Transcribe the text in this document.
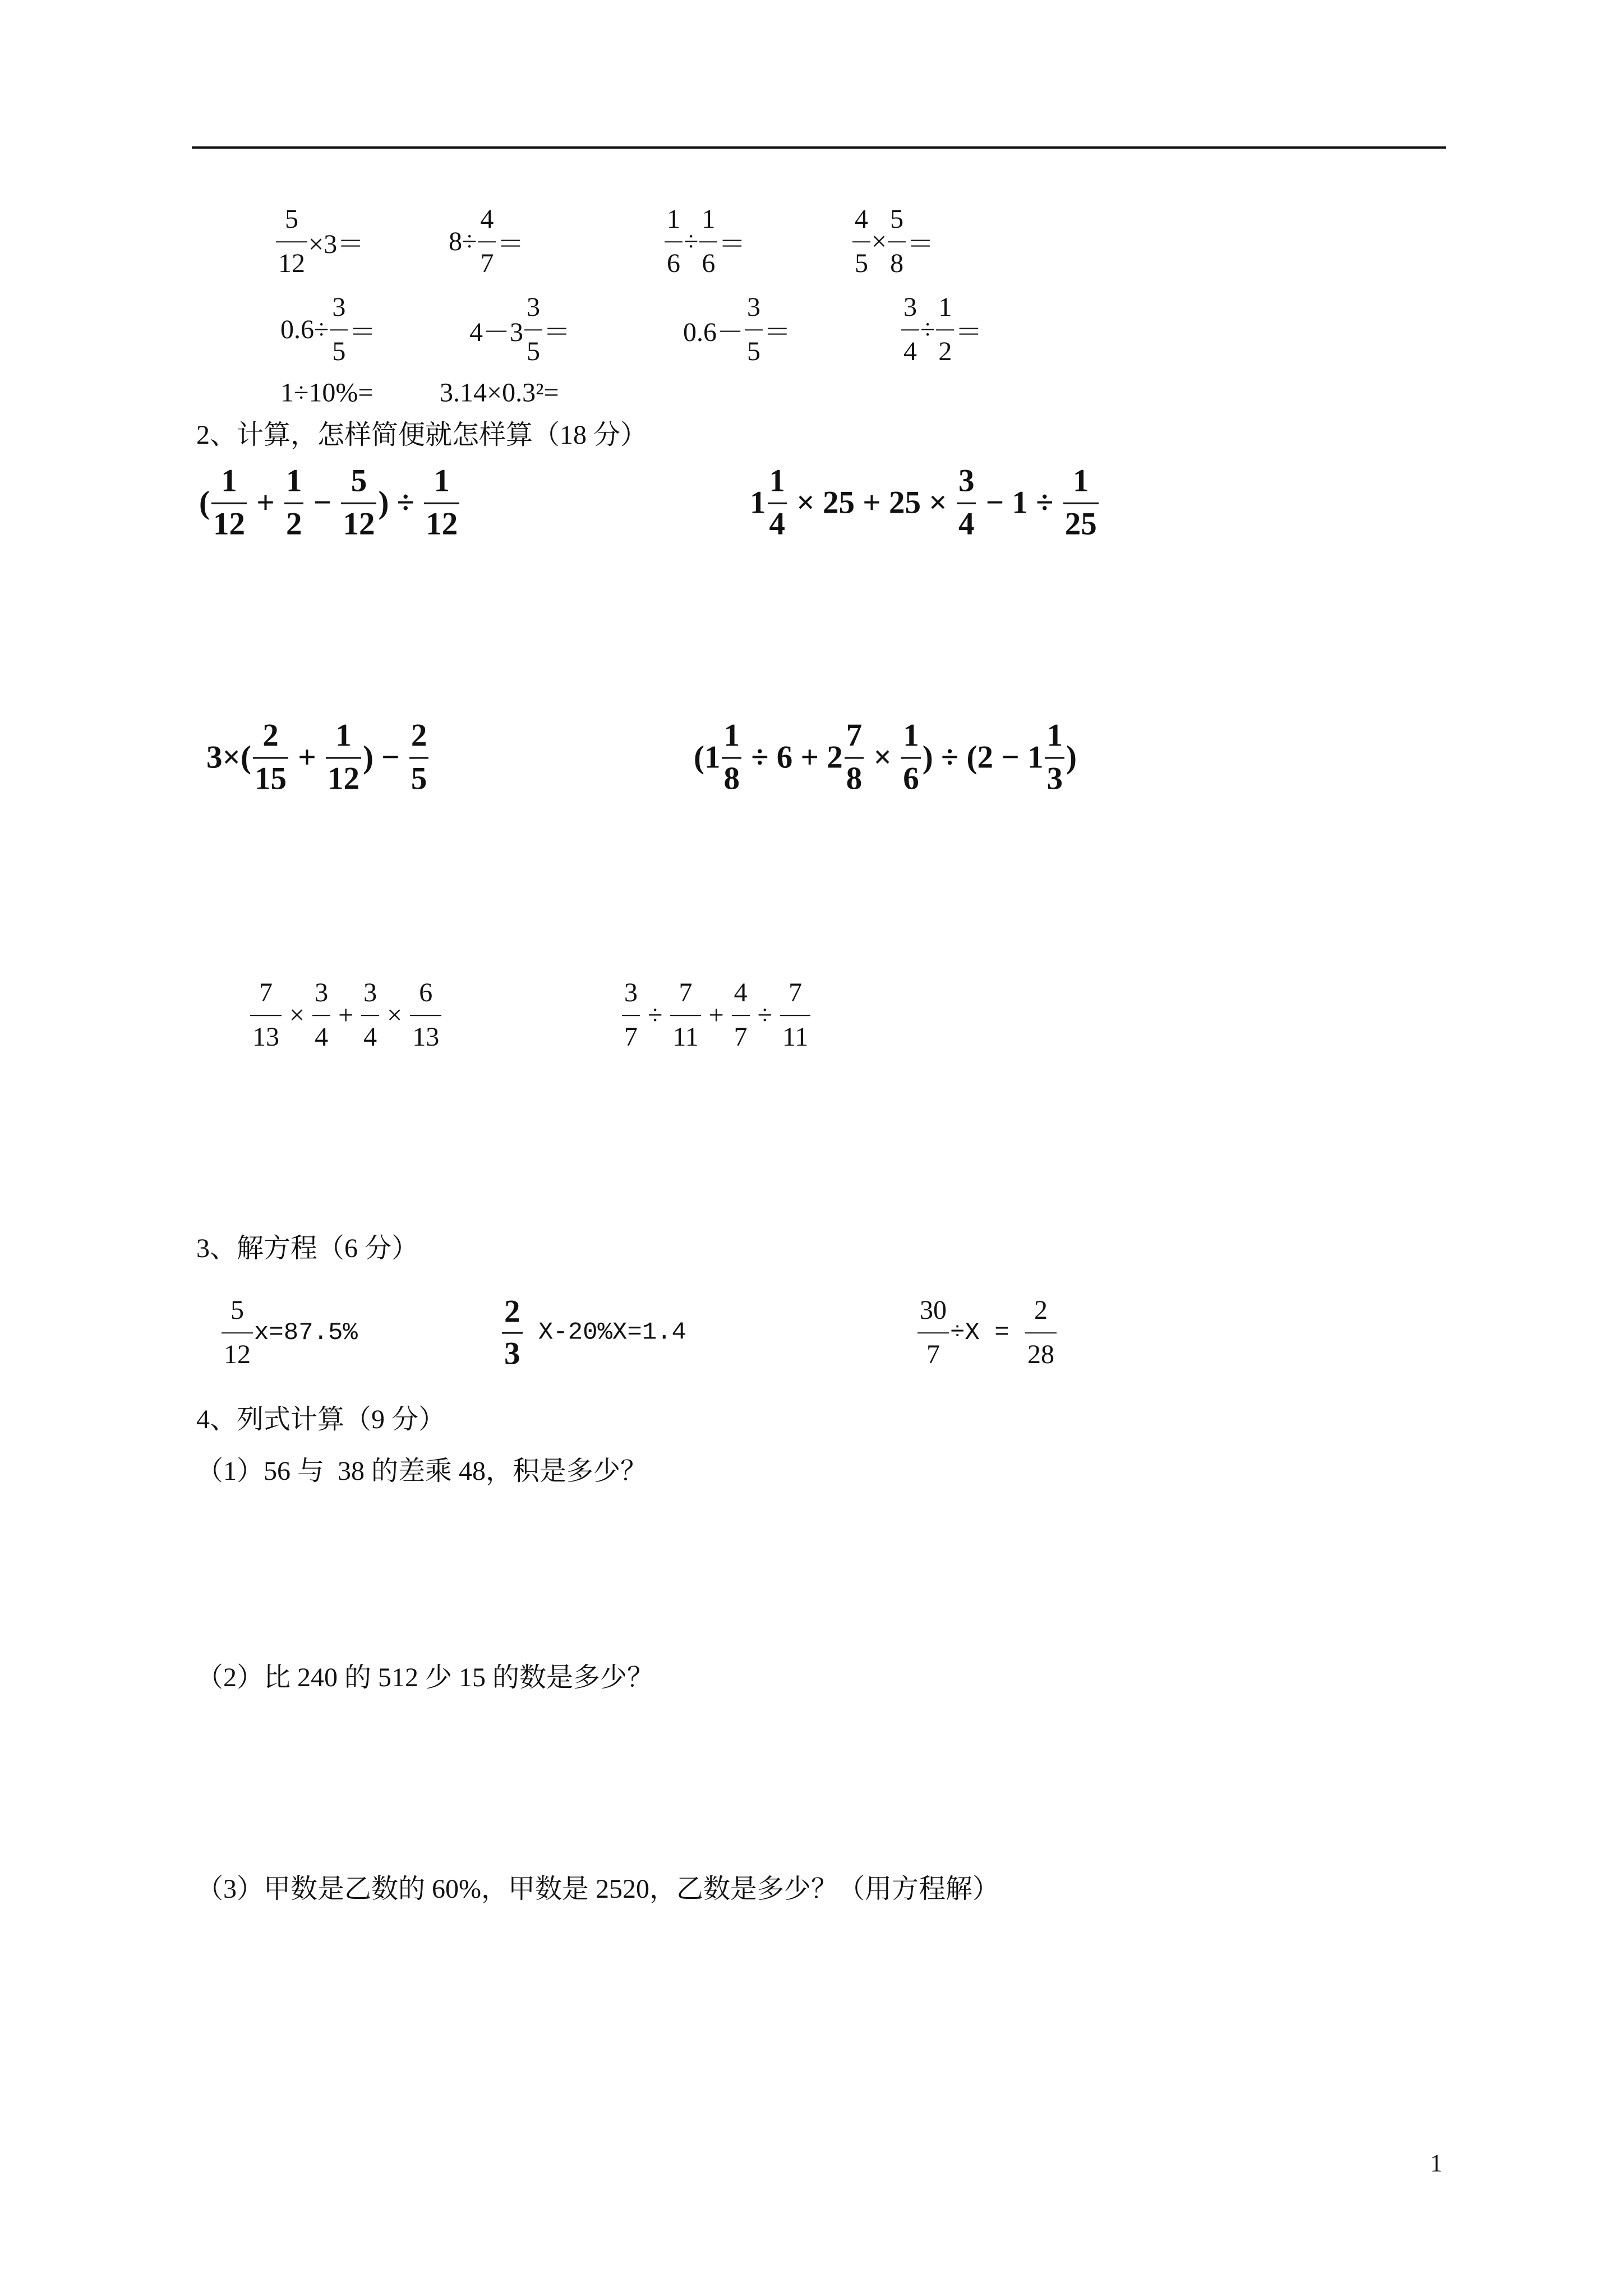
$\frac{5}{12} \times 3=$	$8\div \frac{4}{7}$ ＝	$\frac{1}{6} \div \frac{1}{6}$ ＝	$\frac{4}{5} \times \frac{5}{8}$ ＝
$0.6\div \frac{3}{5}$ ＝	$4-3 \frac{3}{5}$ ＝	$0.6- \frac{3}{5}$ ＝	$\frac{3}{4} \div \frac{1}{2}$ ＝
1÷10%= 3.14×0.3²=
2、计算，怎样简便就怎样算（18 分）
( $\frac{1}{12} + \frac{1}{2} - \frac{5}{12}$ ) ÷ $\frac{1}{12}$	$1 \frac{1}{4} \times 25 + 25 \times \frac{3}{4} - 1 \div \frac{1}{25}$
$3\times( \frac{2}{15} + \frac{1}{12}$ ) − $\frac{2}{5}$	($1 \frac{1}{8} \div 6 + 2 \frac{7}{8} \times \frac{1}{6}$ ) ÷ ($2 - 1 \frac{1}{3}$ )
$\frac{7}{13} \times \frac{3}{4} + \frac{3}{4} \times \frac{6}{13}$	$\frac{3}{7} \div \frac{7}{11} + \frac{4}{7} \div \frac{7}{11}$
3、解方程（6 分）
$\frac{5}{12} x=87.5\%$	$\frac{2}{3} X-20\%X=1.4$	$\frac{30}{7} \div X = \frac{2}{28}$
4、列式计算（9 分）
（1）56 与  38 的差乘 48，积是多少？
（2）比 240 的 512 少 15 的数是多少？
（3）甲数是乙数的 60%，甲数是 2520，乙数是多少？（用方程解）
1
